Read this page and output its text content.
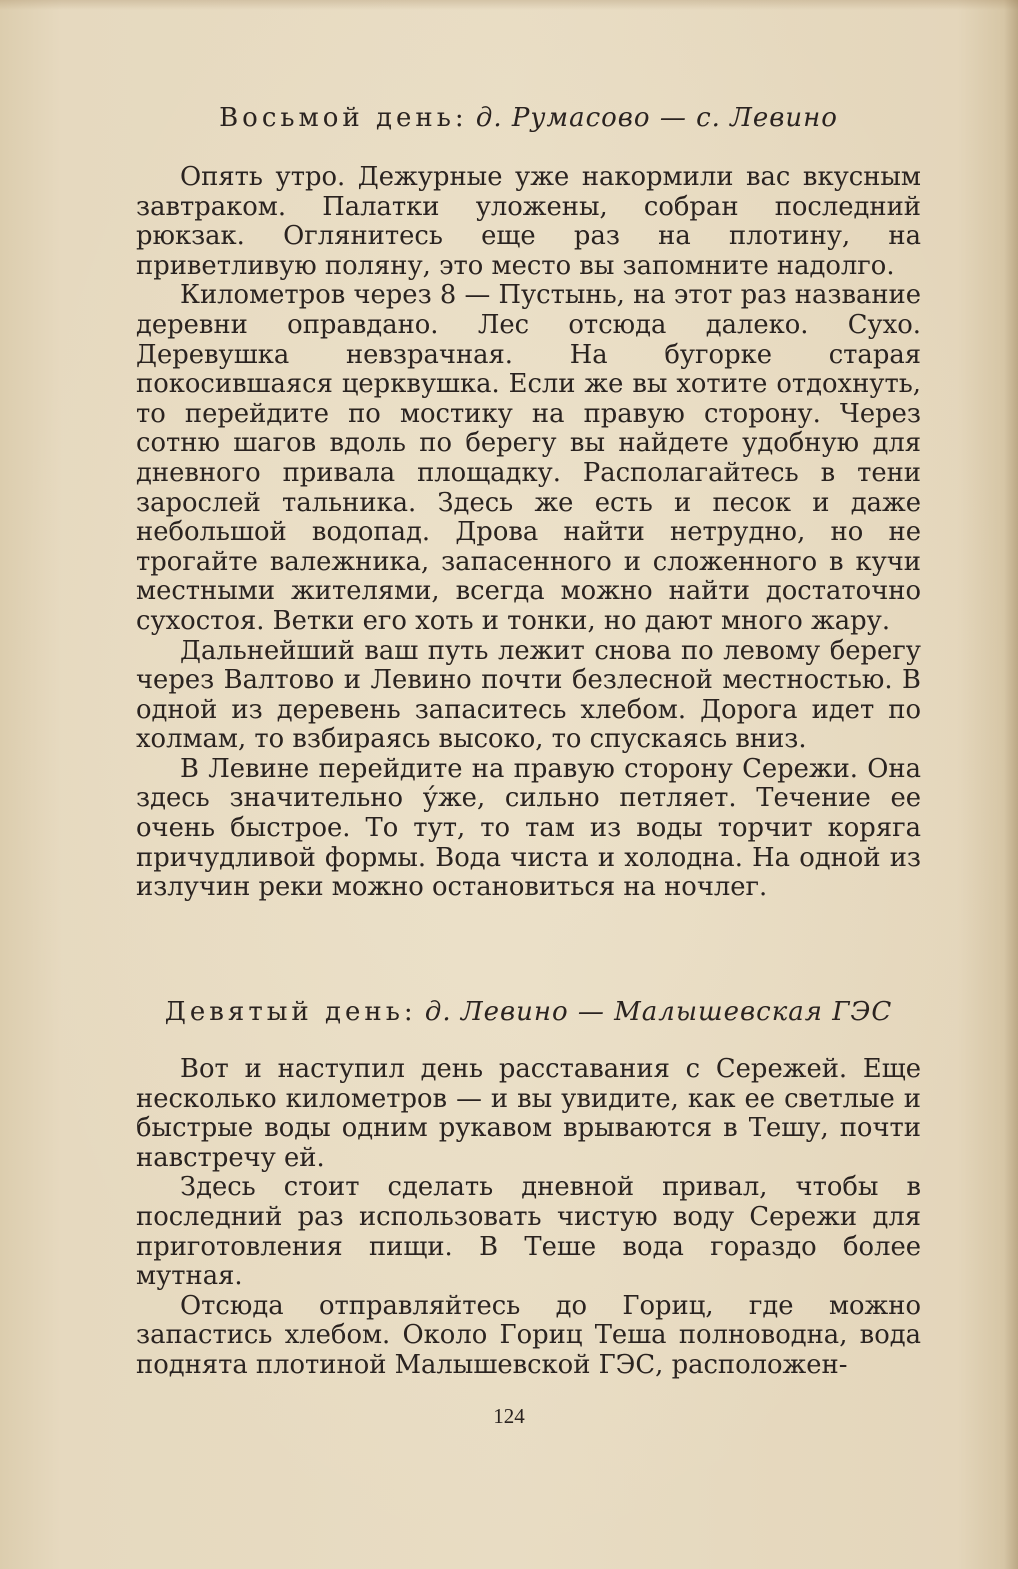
Восьмой день: д. Румасово — с. Левино

Опять утро. Дежурные уже накормили вас вкусным завтраком. Палатки уложены, собран последний рюкзак. Оглянитесь еще раз на плотину, на приветливую поляну, это место вы запомните надолго.

Километров через 8 — Пустынь, на этот раз название деревни оправдано. Лес отсюда далеко. Сухо. Деревушка невзрачная. На бугорке старая покосившаяся церквушка. Если же вы хотите отдохнуть, то перейдите по мостику на правую сторону. Через сотню шагов вдоль по берегу вы найдете удобную для дневного привала площадку. Располагайтесь в тени зарослей тальника. Здесь же есть и песок и даже небольшой водопад. Дрова найти нетрудно, но не трогайте валежника, запасенного и сложенного в кучи местными жителями, всегда можно найти достаточно сухостоя. Ветки его хоть и тонки, но дают много жару.

Дальнейший ваш путь лежит снова по левому берегу через Валтово и Левино почти безлесной местностью. В одной из деревень запаситесь хлебом. Дорога идет по холмам, то взбираясь высоко, то спускаясь вниз.

В Левине перейдите на правую сторону Сережи. Она здесь значительно у́же, сильно петляет. Течение ее очень быстрое. То тут, то там из воды торчит коряга причудливой формы. Вода чиста и холодна. На одной из излучин реки можно остановиться на ночлег.

Девятый день: д. Левино — Малышевская ГЭС

Вот и наступил день расставания с Сережей. Еще несколько километров — и вы увидите, как ее светлые и быстрые воды одним рукавом врываются в Тешу, почти навстречу ей.

Здесь стоит сделать дневной привал, чтобы в последний раз использовать чистую воду Сережи для приготовления пищи. В Теше вода гораздо более мутная.

Отсюда отправляйтесь до Гориц, где можно запастись хлебом. Около Гориц Теша полноводна, вода поднята плотиной Малышевской ГЭС, расположен-

124
